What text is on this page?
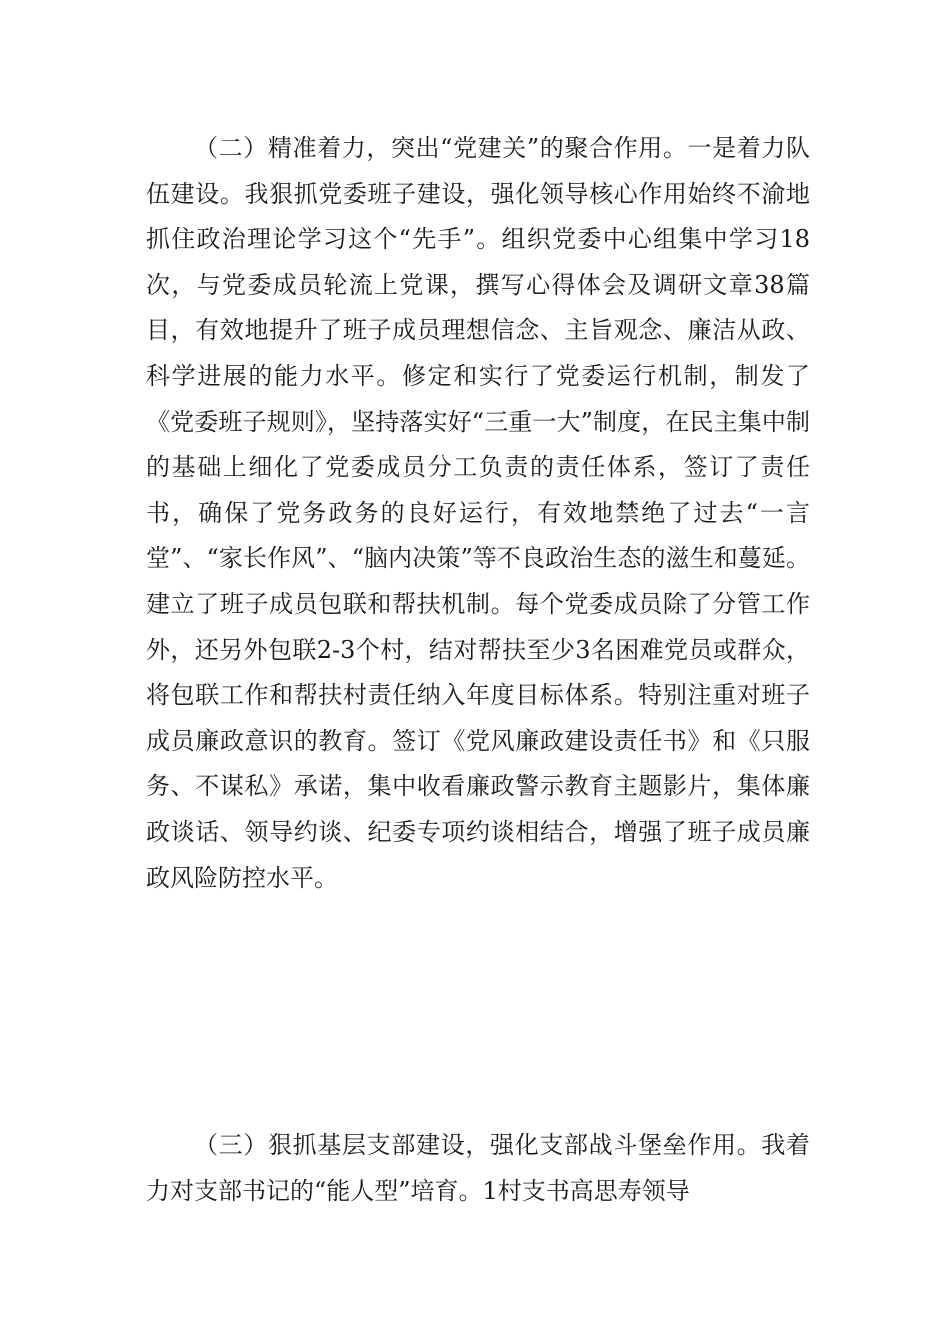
（二）精准着力，突出“党建关”的聚合作用。一是着力队伍建设。我狠抓党委班子建设，强化领导核心作用始终不渝地抓住政治理论学习这个“先手”。组织党委中心组集中学习18次，与党委成员轮流上党课，撰写心得体会及调研文章38篇目，有效地提升了班子成员理想信念、主旨观念、廉洁从政、科学进展的能力水平。修定和实行了党委运行机制，制发了《党委班子规则》，坚持落实好“三重一大”制度，在民主集中制的基础上细化了党委成员分工负责的责任体系，签订了责任书，确保了党务政务的良好运行，有效地禁绝了过去“一言堂”、“家长作风”、“脑内决策”等不良政治生态的滋生和蔓延。建立了班子成员包联和帮扶机制。每个党委成员除了分管工作外，还另外包联2-3个村，结对帮扶至少3名困难党员或群众，将包联工作和帮扶村责任纳入年度目标体系。特别注重对班子成员廉政意识的教育。签订《党风廉政建设责任书》和《只服务、不谋私》承诺，集中收看廉政警示教育主题影片，集体廉政谈话、领导约谈、纪委专项约谈相结合，增强了班子成员廉政风险防控水平。

（三）狠抓基层支部建设，强化支部战斗堡垒作用。我着力对支部书记的“能人型”培育。1村支书高思寿领导
